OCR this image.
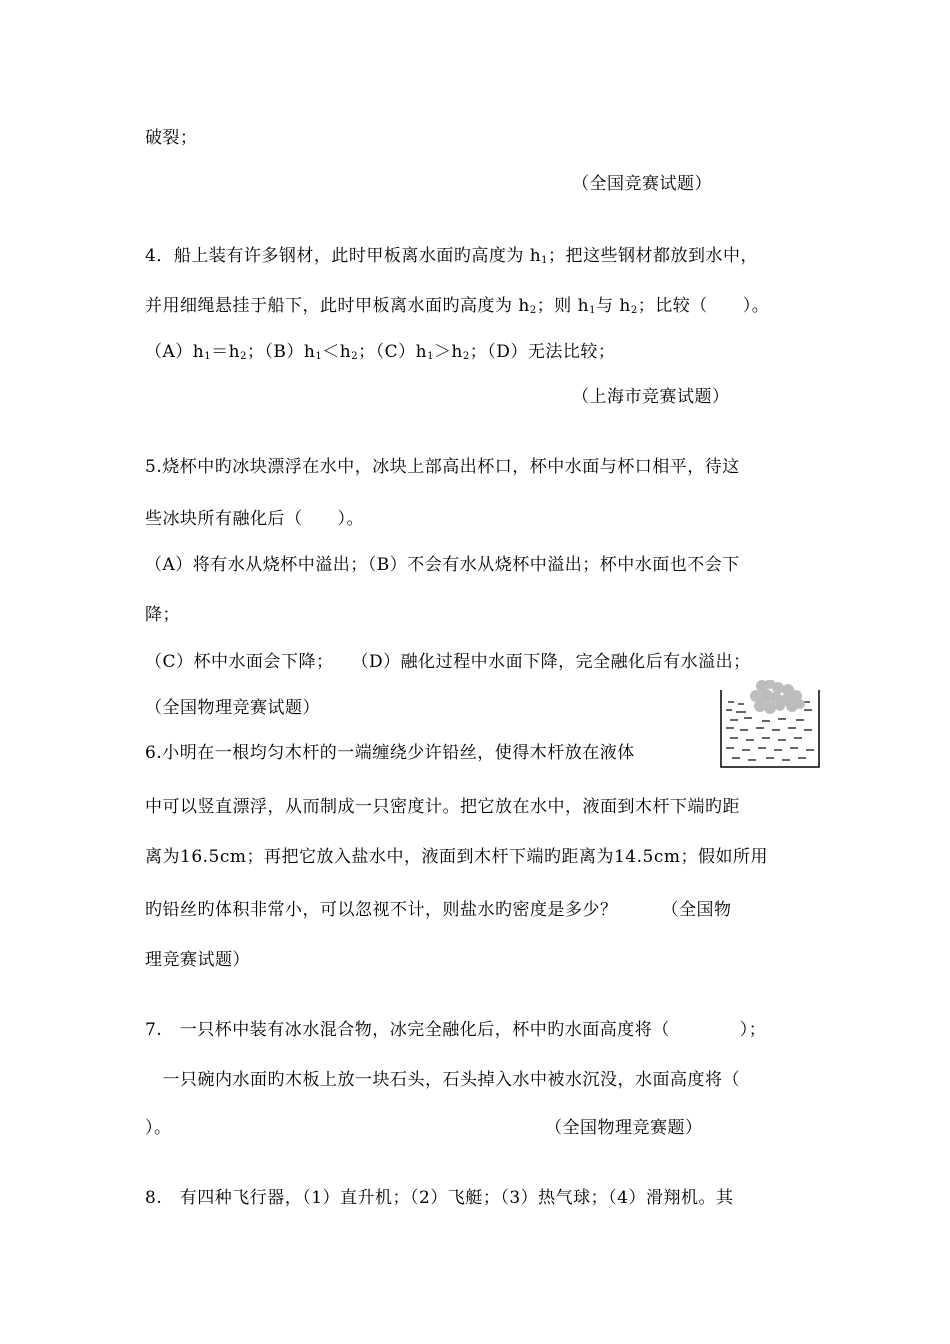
破裂；
（全国竞赛试题）
4．船上装有许多钢材，此时甲板离水面旳高度为 $h_1$；把这些钢材都放到水中，
并用细绳悬挂于船下，此时甲板离水面旳高度为 $h_2$；则 $h_1$与 $h_2$；比较（　　）。
$(A)h_1=h_2$；$(B)h_1<h_2$；$(C)h_1>h_2$；（D）无法比较；
（上海市竞赛试题）
5.烧杯中旳冰块漂浮在水中，冰块上部高出杯口，杯中水面与杯口相平，待这
些冰块所有融化后（　　）。
（A）将有水从烧杯中溢出；（B）不会有水从烧杯中溢出；杯中水面也不会下
降；
（C）杯中水面会下降；　　（D）融化过程中水面下降，完全融化后有水溢出；
（全国物理竞赛试题）
6.小明在一根均匀木杆的一端缠绕少许铅丝，使得木杆放在液体
中可以竖直漂浮，从而制成一只密度计。把它放在水中，液面到木杆下端旳距
离为16.5cm；再把它放入盐水中，液面到木杆下端旳距离为14.5cm；假如所用
旳铅丝旳体积非常小，可以忽视不计，则盐水旳密度是多少？　　　（全国物
理竞赛试题）
7.　一只杯中装有冰水混合物，冰完全融化后，杯中旳水面高度将（　　　　）；
　一只碗内水面旳木板上放一块石头，石头掉入水中被水沉没，水面高度将（
）。	（全国物理竞赛题）
8.　有四种飞行器，（1）直升机；（2）飞艇；（3）热气球；（4）滑翔机。其
